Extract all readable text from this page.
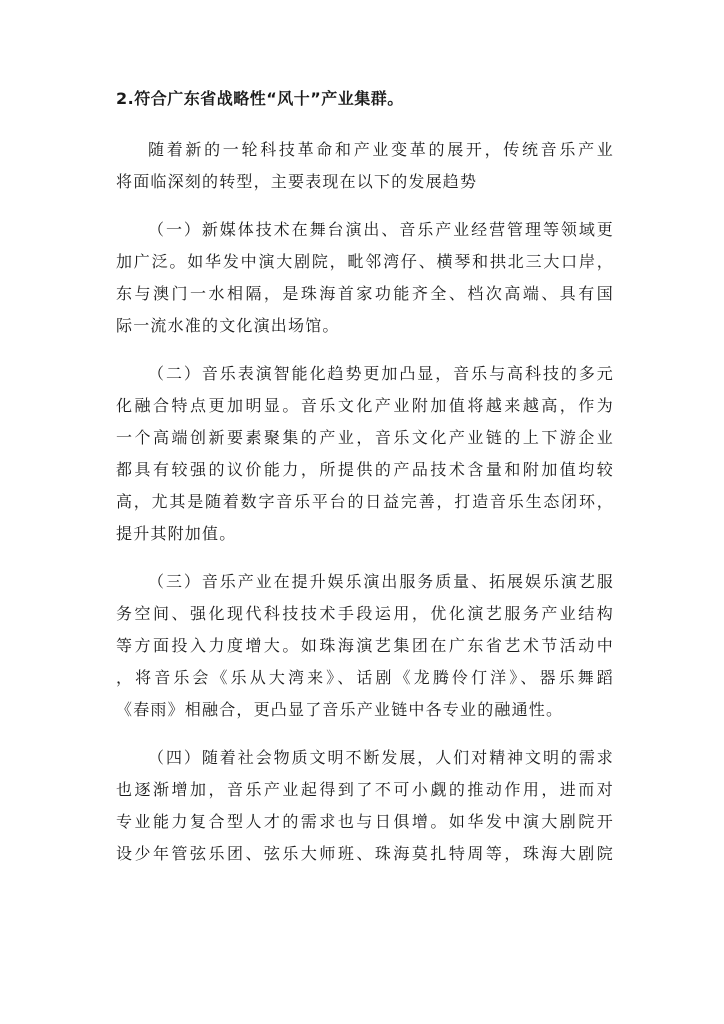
2.符合广东省战略性“风十”产业集群。
随着新的一轮科技革命和产业变革的展开，传统音乐产业
将面临深刻的转型，主要表现在以下的发展趋势
（一）新媒体技术在舞台演出、音乐产业经营管理等领域更
加广泛。如华发中演大剧院，毗邻湾仔、横琴和拱北三大口岸，
东与澳门一水相隔，是珠海首家功能齐全、档次高端、具有国
际一流水准的文化演出场馆。
（二）音乐表演智能化趋势更加凸显，音乐与高科技的多元
化融合特点更加明显。音乐文化产业附加值将越来越高，作为
一个高端创新要素聚集的产业，音乐文化产业链的上下游企业
都具有较强的议价能力，所提供的产品技术含量和附加值均较
高，尤其是随着数字音乐平台的日益完善，打造音乐生态闭环，
提升其附加值。
（三）音乐产业在提升娱乐演出服务质量、拓展娱乐演艺服
务空间、强化现代科技技术手段运用，优化演艺服务产业结构
等方面投入力度增大。如珠海演艺集团在广东省艺术节活动中
，将音乐会《乐从大湾来》、话剧《龙腾伶仃洋》、器乐舞蹈
《春雨》相融合，更凸显了音乐产业链中各专业的融通性。
（四）随着社会物质文明不断发展，人们对精神文明的需求
也逐渐增加，音乐产业起得到了不可小觑的推动作用，进而对
专业能力复合型人才的需求也与日俱增。如华发中演大剧院开
设少年管弦乐团、弦乐大师班、珠海莫扎特周等，珠海大剧院
